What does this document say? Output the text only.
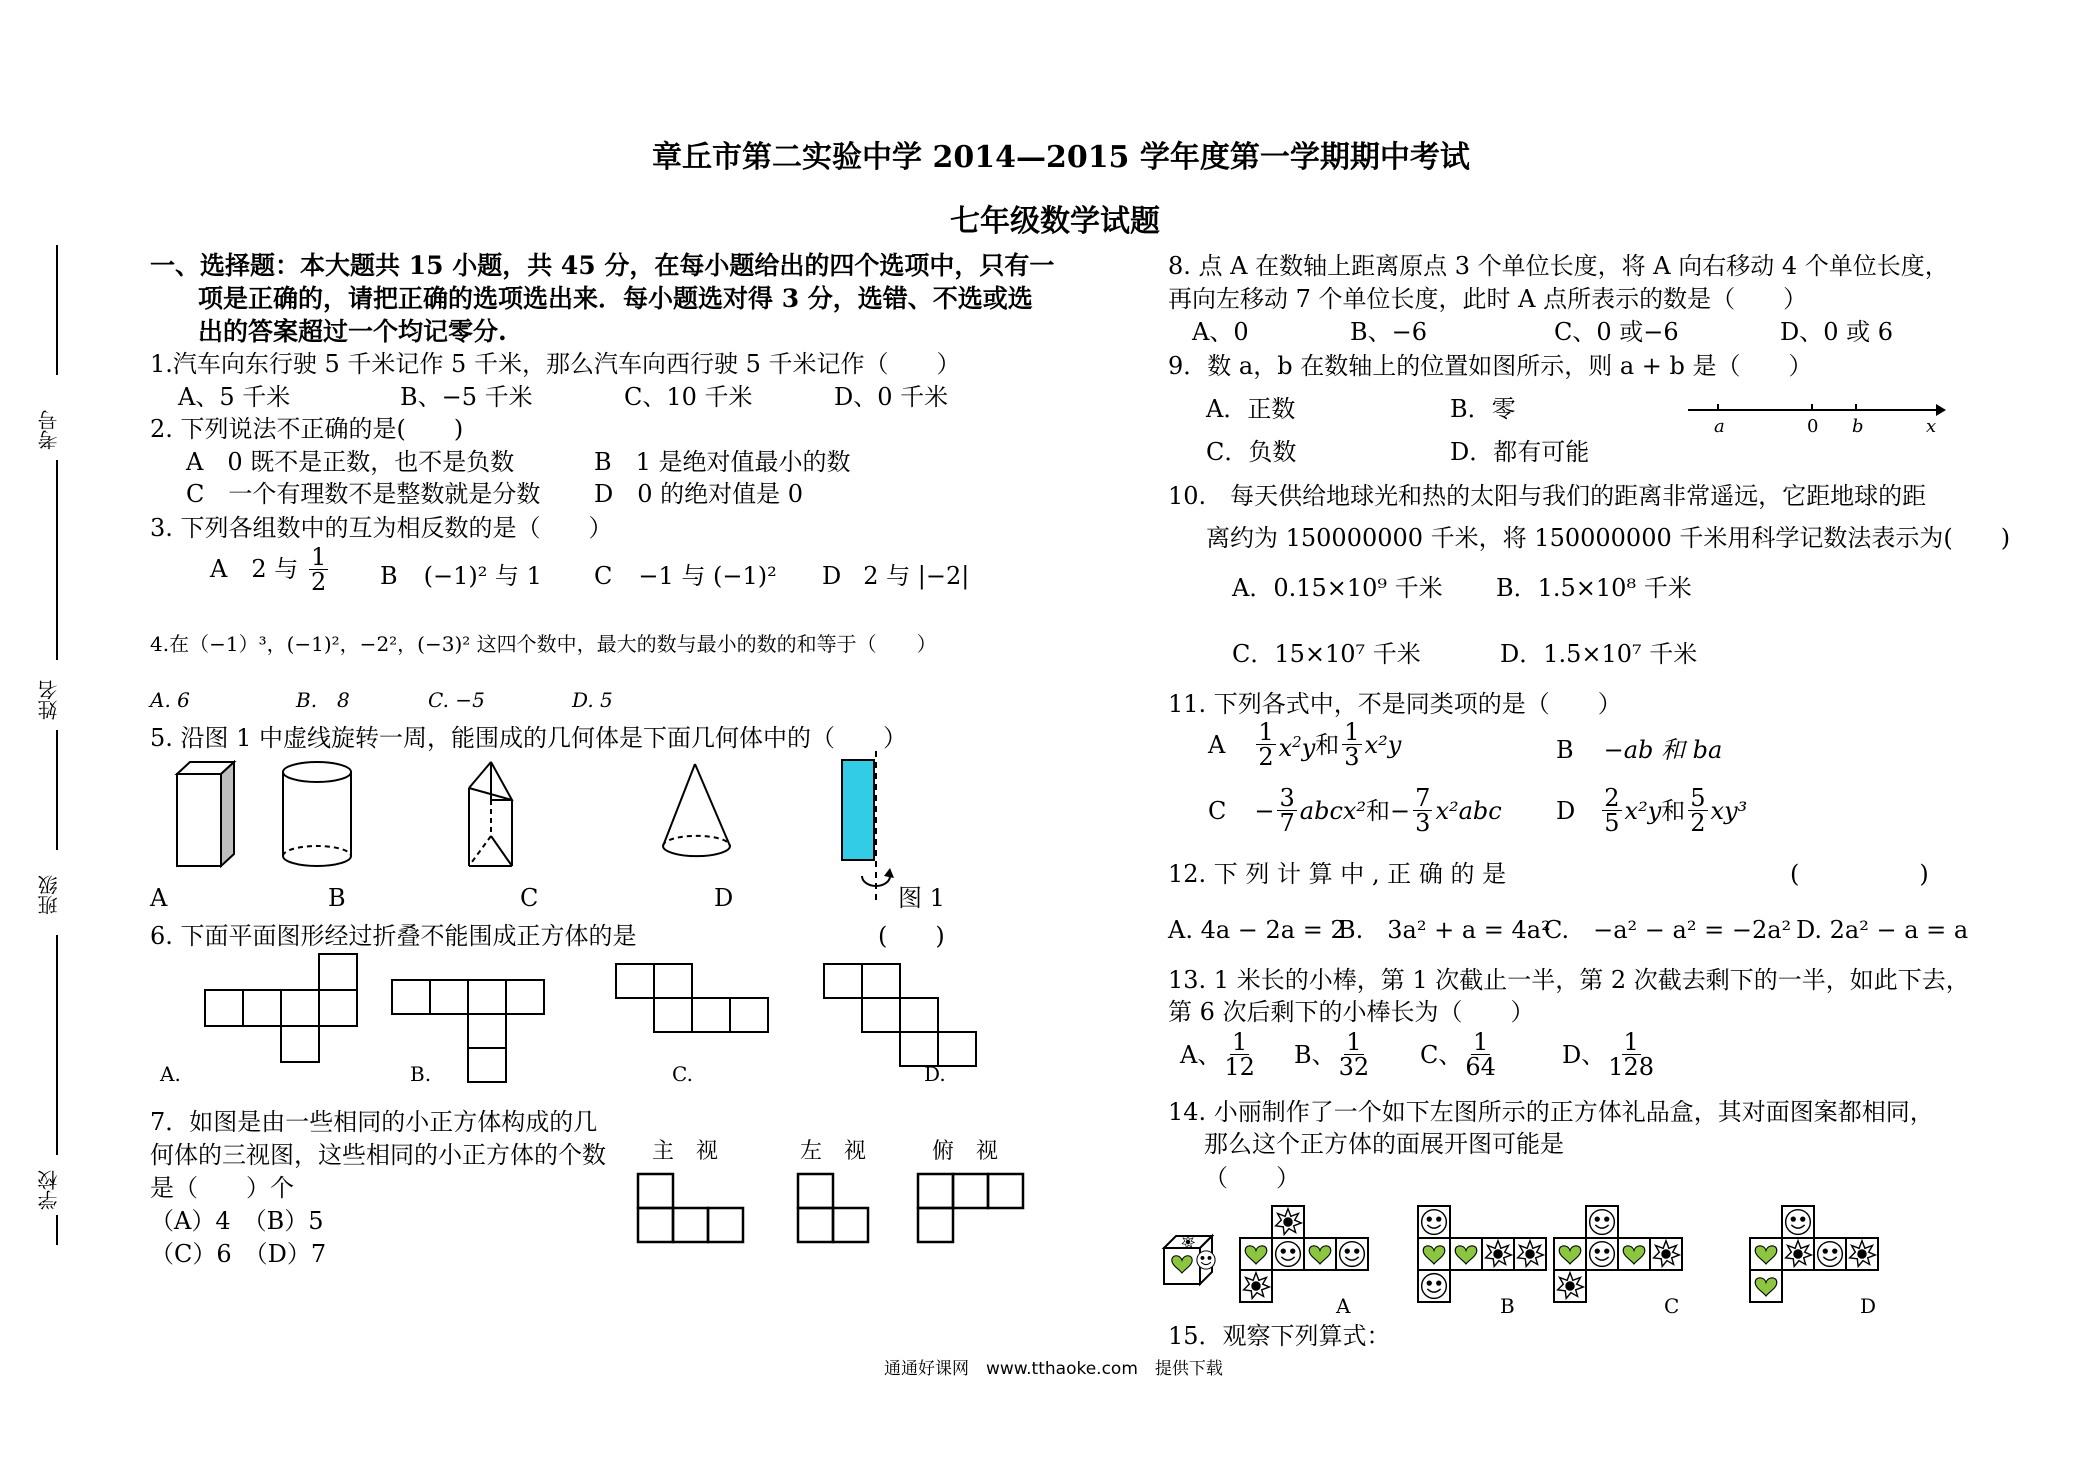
考号
姓名
班级
学校
章丘市第二实验中学 2014—2015 学年度第一学期期中考试
七年级数学试题
一、选择题：本大题共 15 小题，共 45 分，在每小题给出的四个选项中，只有一
项是正确的，请把正确的选项选出来．每小题选对得 3 分，选错、不选或选
出的答案超过一个均记零分.
1.汽车向东行驶 5 千米记作 5 千米，那么汽车向西行驶 5 千米记作（　　）
A、5 千米	B、−5 千米	C、10 千米	D、0 千米
2. 下列说法不正确的是(　　)
A　0 既不是正数，也不是负数	B　1 是绝对值最小的数
C　一个有理数不是整数就是分数 D　0 的绝对值是 0
3. 下列各组数中的互为相反数的是（　　）
A 2 与 $\frac{1}{2}$ B (−1)² 与 1 C −1 与 (−1)² D 2 与 |−2|
4.在（−1）³，(−1)²，−2²，(−3)² 这四个数中，最大的数与最小的数的和等于（　　）
A. 6	B.　8	C. −5	D. 5
5. 沿图 1 中虚线旋转一周，能围成的几何体是下面几何体中的（　　）
A	B	C	D	图 1
6. 下面平面图形经过折叠不能围成正方体的是	(　　)
A.	B.	C.	D.
7．如图是由一些相同的小正方体构成的几
何体的三视图，这些相同的小正方体的个数
是（　　）个
（A）4　（B）5
（C）6　（D）7
主　视	左　视	俯　视
8. 点 A 在数轴上距离原点 3 个单位长度，将 A 向右移动 4 个单位长度，
再向左移动 7 个单位长度，此时 A 点所表示的数是（　　）
A、0	B、−6	C、0 或−6	D、0 或 6
9．数 a，b 在数轴上的位置如图所示，则 a + b 是（　　）
A．正数	B．零
C．负数	D．都有可能
a	0 b	x
10.　每天供给地球光和热的太阳与我们的距离非常遥远，它距地球的距
离约为 150000000 千米，将 150000000 千米用科学记数法表示为(　　)
A．0.15×10⁹ 千米 B．1.5×10⁸ 千米
C．15×10⁷ 千米	D．1.5×10⁷ 千米
11. 下列各式中，不是同类项的是（　　）
A $\frac{1}{2} x^2y$ 和 $\frac{1}{3} x^2y$	B −ab 和 ba
$C - \frac{3}{7}$ abcx² 和− $\frac{7}{3} x^2abc$ D $\frac{2}{5} x^2y$ 和 $\frac{5}{2} xy^3$
12. 下 列 计 算 中 , 正 确 的 是	(　　　　　)
A. 4a − 2a = 2
B.　3a² + a = 4a²
C.　−a² − a² = −2a² D. 2a² − a = a
13. 1 米长的小棒，第 1 次截止一半，第 2 次截去剩下的一半，如此下去，
第 6 次后剩下的小棒长为（　　）
A、 $\frac{1}{12}$ B、 $\frac{1}{32}$ C、 $\frac{1}{64}$	D、 $\frac{1}{128}$
14. 小丽制作了一个如下左图所示的正方体礼品盒，其对面图案都相同，
那么这个正方体的面展开图可能是
（　　）
A	B	C	D
15．观察下列算式：
通通好课网　www.tthaoke.com　提供下载
